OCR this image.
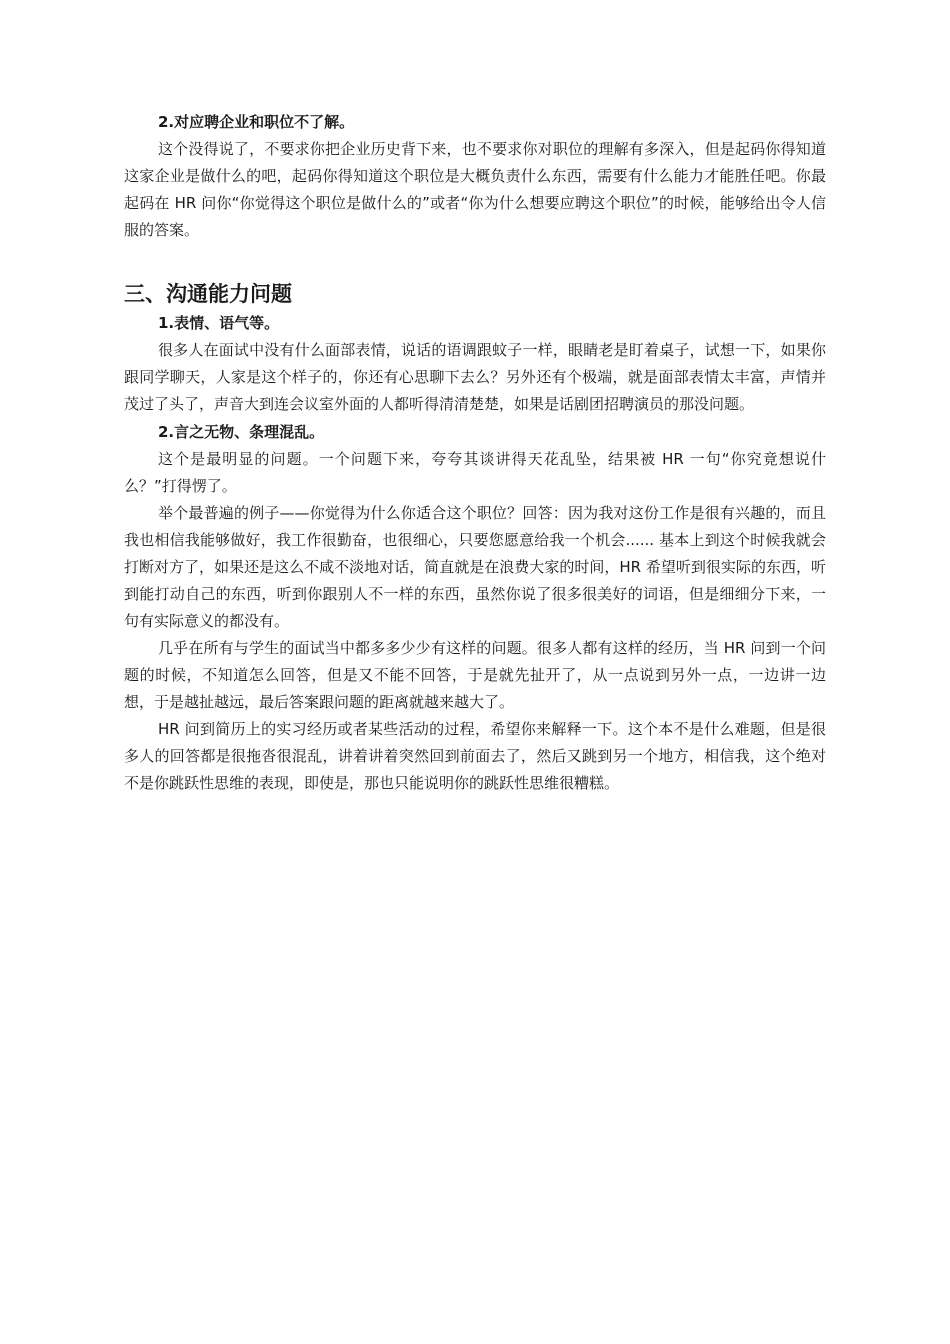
2.对应聘企业和职位不了解。

这个没得说了，不要求你把企业历史背下来，也不要求你对职位的理解有多深入，但是起码你得知道这家企业是做什么的吧，起码你得知道这个职位是大概负责什么东西，需要有什么能力才能胜任吧。你最起码在 HR 问你“你觉得这个职位是做什么的”或者“你为什么想要应聘这个职位”的时候，能够给出令人信服的答案。

三、沟通能力问题

1.表情、语气等。

很多人在面试中没有什么面部表情，说话的语调跟蚊子一样，眼睛老是盯着桌子，试想一下，如果你跟同学聊天，人家是这个样子的，你还有心思聊下去么？另外还有个极端，就是面部表情太丰富，声情并茂过了头了，声音大到连会议室外面的人都听得清清楚楚，如果是话剧团招聘演员的那没问题。

2.言之无物、条理混乱。

这个是最明显的问题。一个问题下来，夸夸其谈讲得天花乱坠，结果被 HR 一句“你究竟想说什么？”打得愣了。

举个最普遍的例子——你觉得为什么你适合这个职位？回答：因为我对这份工作是很有兴趣的，而且我也相信我能够做好，我工作很勤奋，也很细心，只要您愿意给我一个机会...... 基本上到这个时候我就会打断对方了，如果还是这么不咸不淡地对话，简直就是在浪费大家的时间，HR 希望听到很实际的东西，听到能打动自己的东西，听到你跟别人不一样的东西，虽然你说了很多很美好的词语，但是细细分下来，一句有实际意义的都没有。

几乎在所有与学生的面试当中都多多少少有这样的问题。很多人都有这样的经历，当 HR 问到一个问题的时候，不知道怎么回答，但是又不能不回答，于是就先扯开了，从一点说到另外一点，一边讲一边想，于是越扯越远，最后答案跟问题的距离就越来越大了。

HR 问到简历上的实习经历或者某些活动的过程，希望你来解释一下。这个本不是什么难题，但是很多人的回答都是很拖沓很混乱，讲着讲着突然回到前面去了，然后又跳到另一个地方，相信我，这个绝对不是你跳跃性思维的表现，即使是，那也只能说明你的跳跃性思维很糟糕。
